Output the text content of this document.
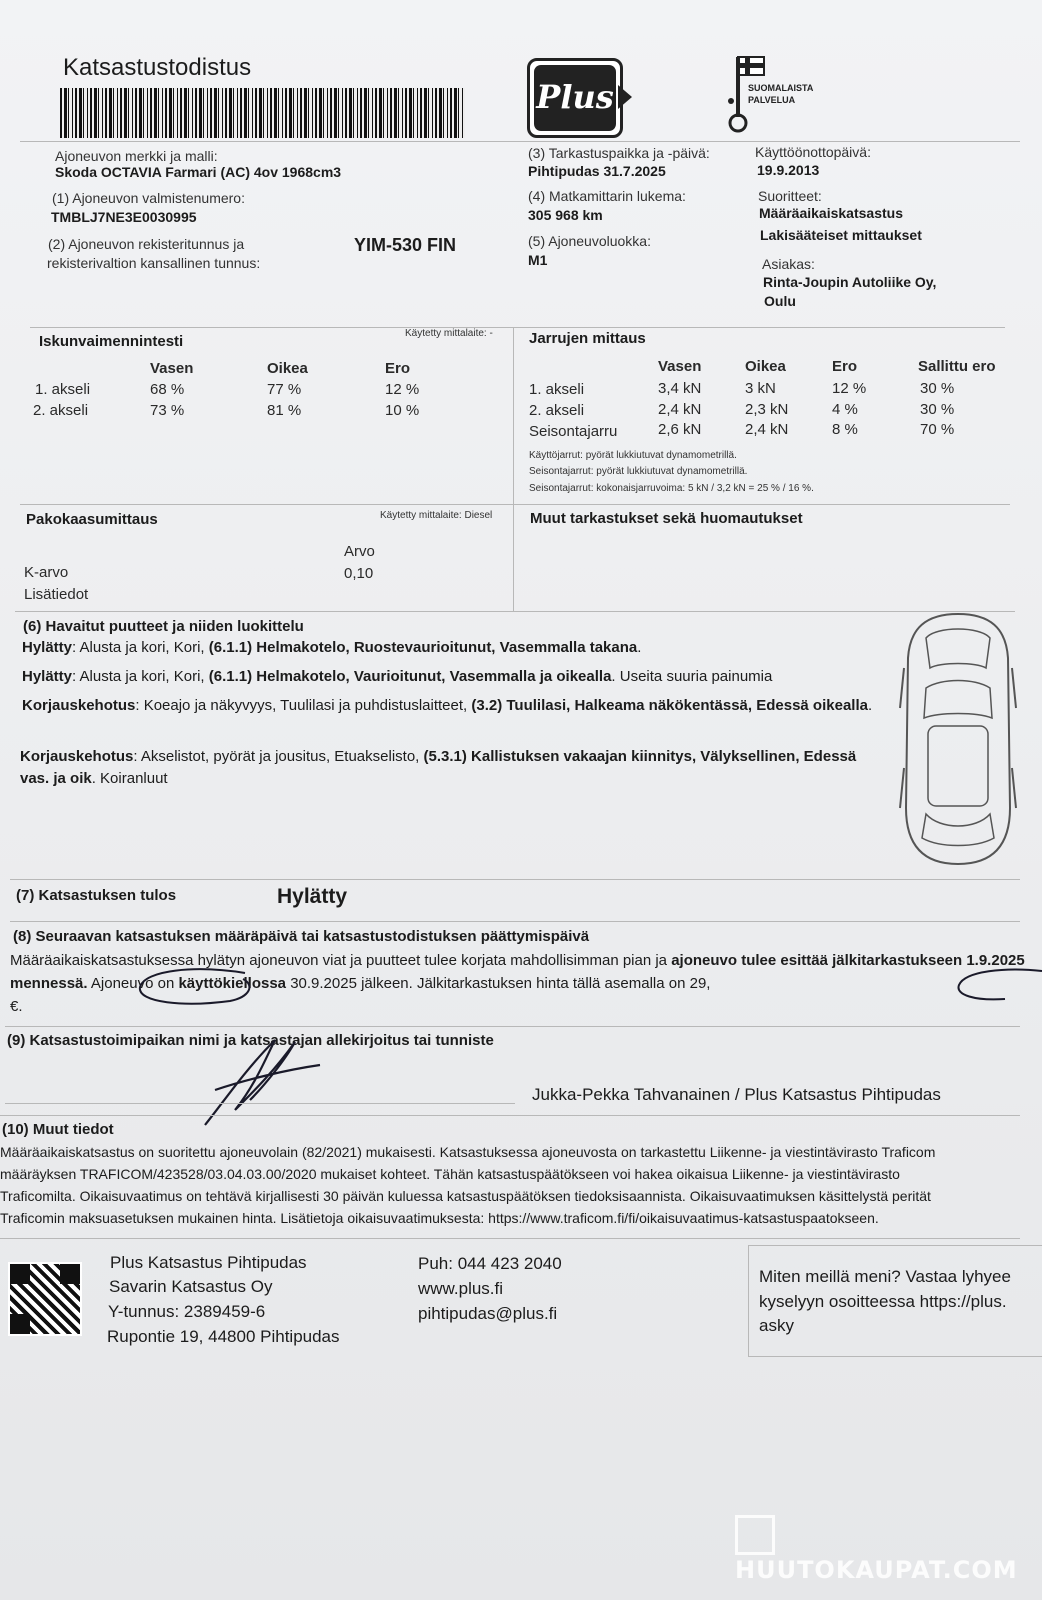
Katsastustodistus
Plus	SUOMALAISTA
PALVELUA
Ajoneuvon merkki ja malli:
Skoda OCTAVIA Farmari (AC) 4ov 1968cm3
(1) Ajoneuvon valmistenumero:
TMBLJ7NE3E0030995
(2) Ajoneuvon rekisteritunnus ja
rekisterivaltion kansallinen tunnus:
YIM-530 FIN
(3) Tarkastuspaikka ja -päivä:
Pihtipudas 31.7.2025
(4) Matkamittarin lukema:
305 968 km
(5) Ajoneuvoluokka:
M1
Käyttöönottopäivä:
19.9.2013
Suoritteet:
Määräaikaiskatsastus
Lakisääteiset mittaukset
Asiakas:
Rinta-Joupin Autoliike Oy,
Oulu
Iskunvaimennintesti	Käytetty mittalaite: -
Vasen	Oikea	Ero
1. akseli	68 %	77 %	12 %
2. akseli	73 %	81 %	10 %
Jarrujen mittaus
Vasen	Oikea	Ero	Sallittu ero
1. akseli	3,4 kN	3 kN	12 %	30 %
2. akseli	2,4 kN	2,3 kN	4 %	30 %
Seisontajarru	2,6 kN	2,4 kN	8 %	70 %
Käyttöjarrut: pyörät lukkiutuvat dynamometrillä.
Seisontajarrut: pyörät lukkiutuvat dynamometrillä.
Seisontajarrut: kokonaisjarruvoima: 5 kN / 3,2 kN = 25 % / 16 %.
Pakokaasumittaus	Käytetty mittalaite: Diesel
Arvo
K-arvo	0,10
Lisätiedot
Muut tarkastukset sekä huomautukset
(6) Havaitut puutteet ja niiden luokittelu
Hylätty: Alusta ja kori, Kori, (6.1.1) Helmakotelo, Ruostevaurioitunut, Vasemmalla takana.
Hylätty: Alusta ja kori, Kori, (6.1.1) Helmakotelo, Vaurioitunut, Vasemmalla ja oikealla. Useita suuria painumia
Korjauskehotus: Koeajo ja näkyvyys, Tuulilasi ja puhdistuslaitteet, (3.2) Tuulilasi, Halkeama näkökentässä, Edessä oikealla.
Korjauskehotus: Akselistot, pyörät ja jousitus, Etuakselisto, (5.3.1) Kallistuksen vakaajan kiinnitys, Välyksellinen, Edessä vas. ja oik. Koiranluut
(7) Katsastuksen tulos	Hylätty
(8) Seuraavan katsastuksen määräpäivä tai katsastustodistuksen päättymispäivä
Määräaikaiskatsastuksessa hylätyn ajoneuvon viat ja puutteet tulee korjata mahdollisimman pian ja ajoneuvo tulee esittää jälkitarkastukseen 1.9.2025 mennessä. Ajoneuvo on käyttökiellossa 30.9.2025 jälkeen. Jälkitarkastuksen hinta tällä asemalla on 29,
€.
(9) Katsastustoimipaikan nimi ja katsastajan allekirjoitus tai tunniste
Jukka-Pekka Tahvanainen / Plus Katsastus Pihtipudas
(10) Muut tiedot
Määräaikaiskatsastus on suoritettu ajoneuvolain (82/2021) mukaisesti. Katsastuksessa ajoneuvosta on tarkastettu Liikenne- ja viestintävirasto Traficom
määräyksen TRAFICOM/423528/03.04.03.00/2020 mukaiset kohteet. Tähän katsastuspäätökseen voi hakea oikaisua Liikenne- ja viestintävirasto
Traficomilta. Oikaisuvaatimus on tehtävä kirjallisesti 30 päivän kuluessa katsastuspäätöksen tiedoksisaannista. Oikaisuvaatimuksen käsittelystä perität
Traficomin maksuasetuksen mukainen hinta. Lisätietoja oikaisuvaatimuksesta: https://www.traficom.fi/fi/oikaisuvaatimus-katsastuspaatokseen.
Plus Katsastus Pihtipudas
Savarin Katsastus Oy
Y-tunnus: 2389459-6
Rupontie 19, 44800 Pihtipudas
Puh: 044 423 2040
www.plus.fi
pihtipudas@plus.fi
Miten meillä meni? Vastaa lyhyee
kyselyyn osoitteessa https://plus.
asky
HUUTOKAUPAT.COM
